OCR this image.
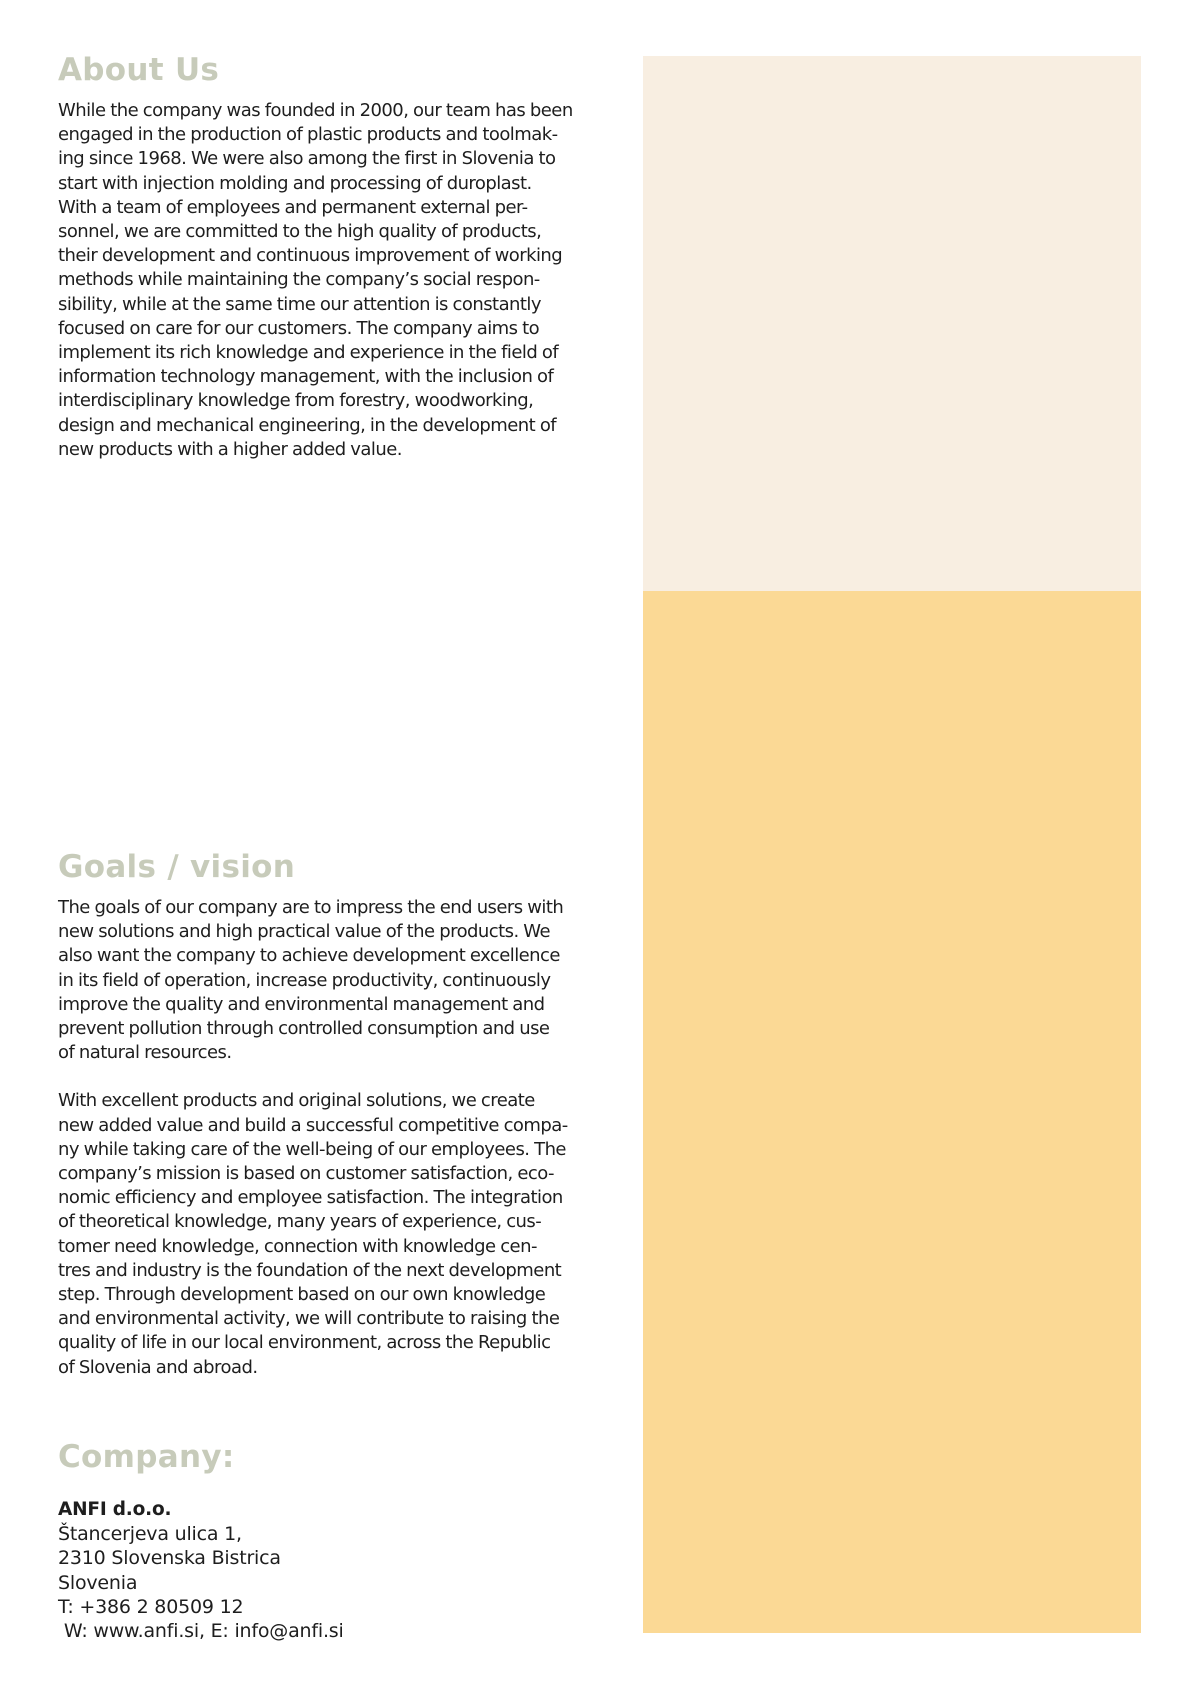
About Us

While the company was founded in 2000, our team has been
engaged in the production of plastic products and toolmak-
ing since 1968. We were also among the first in Slovenia to
start with injection molding and processing of duroplast.
With a team of employees and permanent external per-
sonnel, we are committed to the high quality of products,
their development and continuous improvement of working
methods while maintaining the company’s social respon-
sibility, while at the same time our attention is constantly
focused on care for our customers. The company aims to
implement its rich knowledge and experience in the field of
information technology management, with the inclusion of
interdisciplinary knowledge from forestry, woodworking,
design and mechanical engineering, in the development of
new products with a higher added value.

Goals / vision

The goals of our company are to impress the end users with
new solutions and high practical value of the products. We
also want the company to achieve development excellence
in its field of operation, increase productivity, continuously
improve the quality and environmental management and
prevent pollution through controlled consumption and use
of natural resources.

With excellent products and original solutions, we create
new added value and build a successful competitive compa-
ny while taking care of the well-being of our employees. The
company’s mission is based on customer satisfaction, eco-
nomic efficiency and employee satisfaction. The integration
of theoretical knowledge, many years of experience, cus-
tomer need knowledge, connection with knowledge cen-
tres and industry is the foundation of the next development
step. Through development based on our own knowledge
and environmental activity, we will contribute to raising the
quality of life in our local environment, across the Republic
of Slovenia and abroad.

Company:
ANFI d.o.o.
Štancerjeva ulica 1,
2310 Slovenska Bistrica
Slovenia
T: +386 2 80509 12
W: www.anfi.si, E: info@anfi.si
